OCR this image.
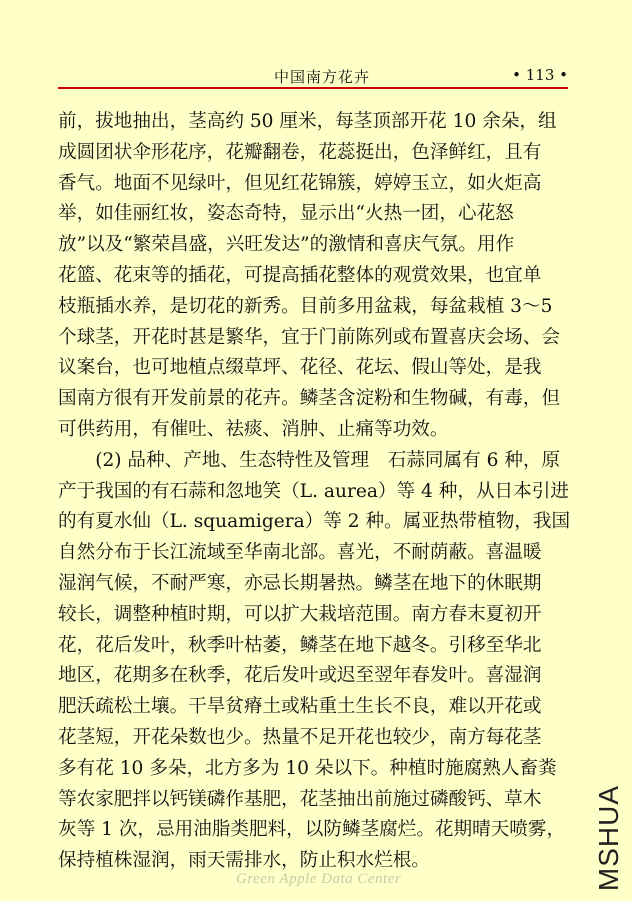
中国南方花卉	• 113 •
前，拔地抽出，茎高约 50 厘米，每茎顶部开花 10 余朵，组
成圆团状伞形花序，花瓣翻卷，花蕊挺出，色泽鲜红，且有
香气。地面不见绿叶，但见红花锦簇，婷婷玉立，如火炬高
举，如佳丽红妆，姿态奇特，显示出“火热一团，心花怒
放”以及“繁荣昌盛，兴旺发达”的激情和喜庆气氛。用作
花篮、花束等的插花，可提高插花整体的观赏效果，也宜单
枝瓶插水养，是切花的新秀。目前多用盆栽，每盆栽植 3～5
个球茎，开花时甚是繁华，宜于门前陈列或布置喜庆会场、会
议案台，也可地植点缀草坪、花径、花坛、假山等处，是我
国南方很有开发前景的花卉。鳞茎含淀粉和生物碱，有毒，但
可供药用，有催吐、祛痰、消肿、止痛等功效。
　　(2) 品种、产地、生态特性及管理　石蒜同属有 6 种，原
产于我国的有石蒜和忽地笑（L. aurea）等 4 种，从日本引进
的有夏水仙（L. squamigera）等 2 种。属亚热带植物，我国
自然分布于长江流域至华南北部。喜光，不耐荫蔽。喜温暖
湿润气候，不耐严寒，亦忌长期暑热。鳞茎在地下的休眠期
较长，调整种植时期，可以扩大栽培范围。南方春末夏初开
花，花后发叶，秋季叶枯萎，鳞茎在地下越冬。引移至华北
地区，花期多在秋季，花后发叶或迟至翌年春发叶。喜湿润
肥沃疏松土壤。干旱贫瘠土或粘重土生长不良，难以开花或
花茎短，开花朵数也少。热量不足开花也较少，南方每花茎
多有花 10 多朵，北方多为 10 朵以下。种植时施腐熟人畜粪
等农家肥拌以钙镁磷作基肥，花茎抽出前施过磷酸钙、草木
灰等 1 次，忌用油脂类肥料，以防鳞茎腐烂。花期晴天喷雾，
保持植株湿润，雨天需排水，防止积水烂根。
Green Apple Data Center	MSHUA
